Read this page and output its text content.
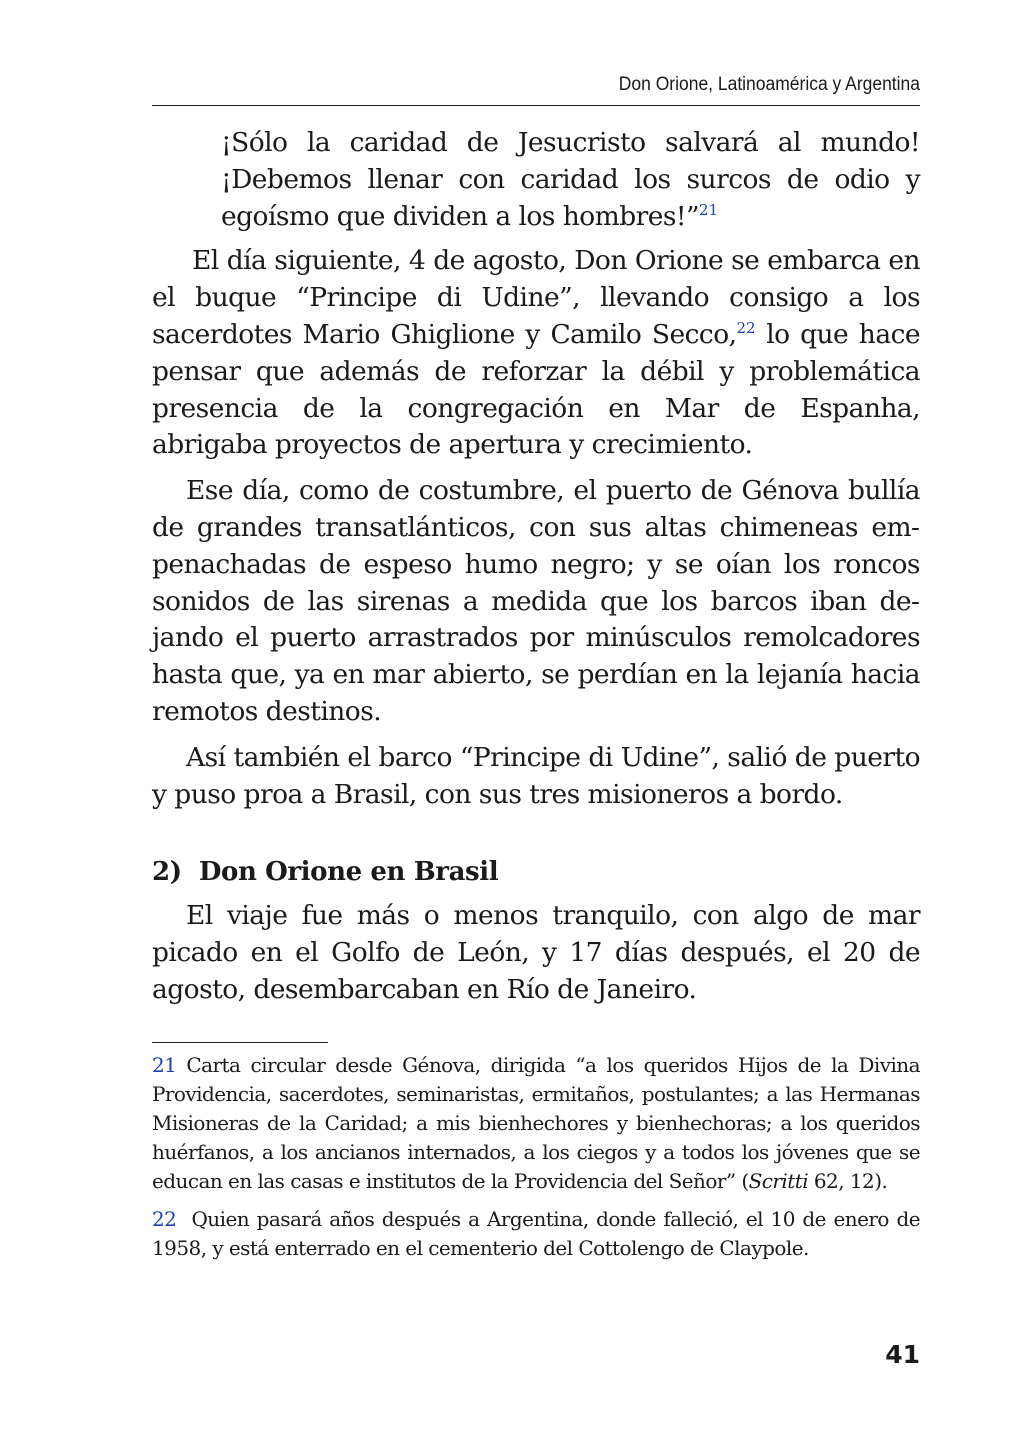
Don Orione, Latinoamérica y Argentina

¡Sólo la caridad de Jesucristo salvará al mundo! ¡Debemos llenar con caridad los surcos de odio y egoísmo que dividen a los hombres!”$^{21}$

El día siguiente, 4 de agosto, Don Orione se embarca en el buque “Principe di Udine”, llevando consigo a los sacerdotes Mario Ghiglione y Camilo Secco,$^{22}$ lo que hace pensar que además de reforzar la débil y problemática presencia de la congregación en Mar de Espanha, abrigaba proyectos de apertura y crecimiento.

Ese día, como de costumbre, el puerto de Génova bullía de grandes transatlánticos, con sus altas chimeneas empenachadas de espeso humo negro; y se oían los roncos sonidos de las sirenas a medida que los barcos iban dejando el puerto arrastrados por minúsculos remolcadores hasta que, ya en mar abierto, se perdían en la lejanía hacia remotos destinos.

Así también el barco “Principe di Udine”, salió de puerto y puso proa a Brasil, con sus tres misioneros a bordo.

2)  Don Orione en Brasil

El viaje fue más o menos tranquilo, con algo de mar picado en el Golfo de León, y 17 días después, el 20 de agosto, desembarcaban en Río de Janeiro.

21 Carta circular desde Génova, dirigida “a los queridos Hijos de la Divina Providencia, sacerdotes, seminaristas, ermitaños, postulantes; a las Hermanas Misioneras de la Caridad; a mis bienhechores y bienhechoras; a los queridos huérfanos, a los ancianos internados, a los ciegos y a todos los jóvenes que se educan en las casas e institutos de la Providencia del Señor” (Scritti 62, 12).

22 Quien pasará años después a Argentina, donde falleció, el 10 de enero de 1958, y está enterrado en el cementerio del Cottolengo de Claypole.

41
